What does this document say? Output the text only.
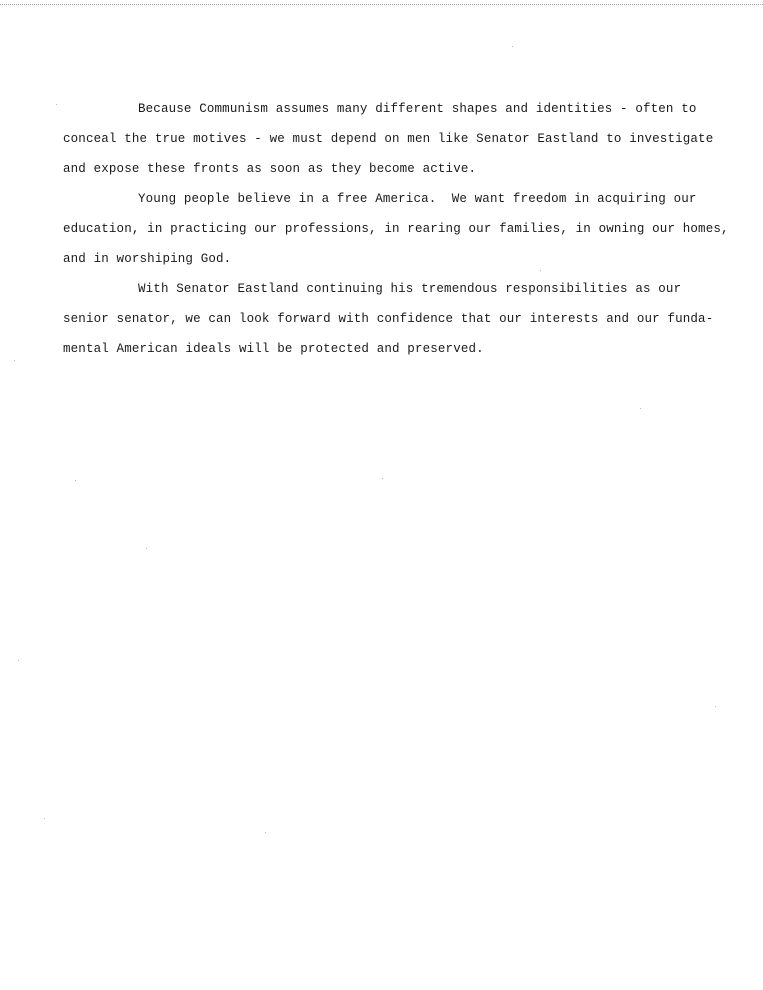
Because Communism assumes many different shapes and identities - often to
conceal the true motives - we must depend on men like Senator Eastland to investigate
and expose these fronts as soon as they become active.
Young people believe in a free America.  We want freedom in acquiring our
education, in practicing our professions, in rearing our families, in owning our homes,
and in worshiping God.
With Senator Eastland continuing his tremendous responsibilities as our
senior senator, we can look forward with confidence that our interests and our funda-
mental American ideals will be protected and preserved.
